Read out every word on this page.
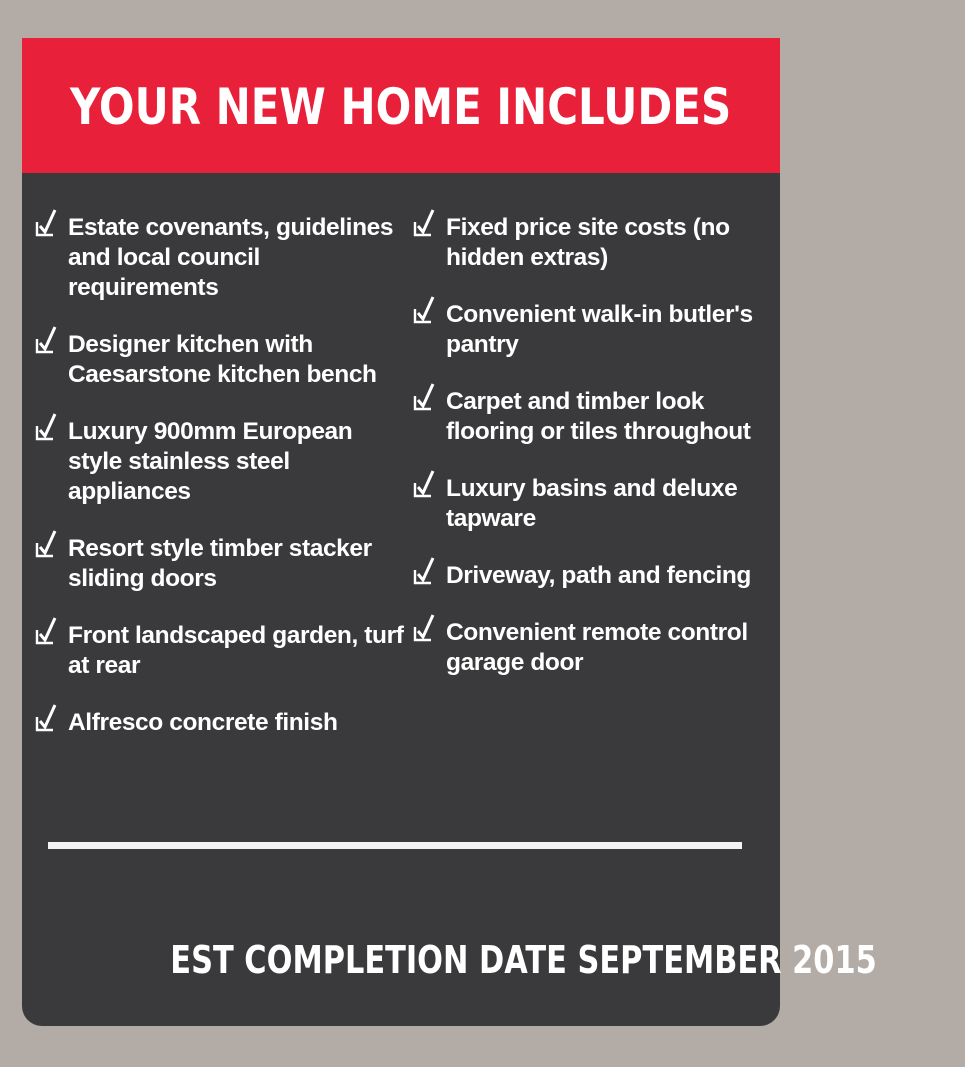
YOUR NEW HOME INCLUDES
Estate covenants, guidelines and local council requirements
Designer kitchen with Caesarstone kitchen bench
Luxury 900mm European style stainless steel appliances
Resort style timber stacker sliding doors
Front landscaped garden, turf at rear
Alfresco concrete finish
Fixed price site costs (no hidden extras)
Convenient walk-in butler's pantry
Carpet and timber look flooring or tiles throughout
Luxury basins and deluxe tapware
Driveway, path and fencing
Convenient remote control garage door
EST COMPLETION DATE SEPTEMBER 2015
